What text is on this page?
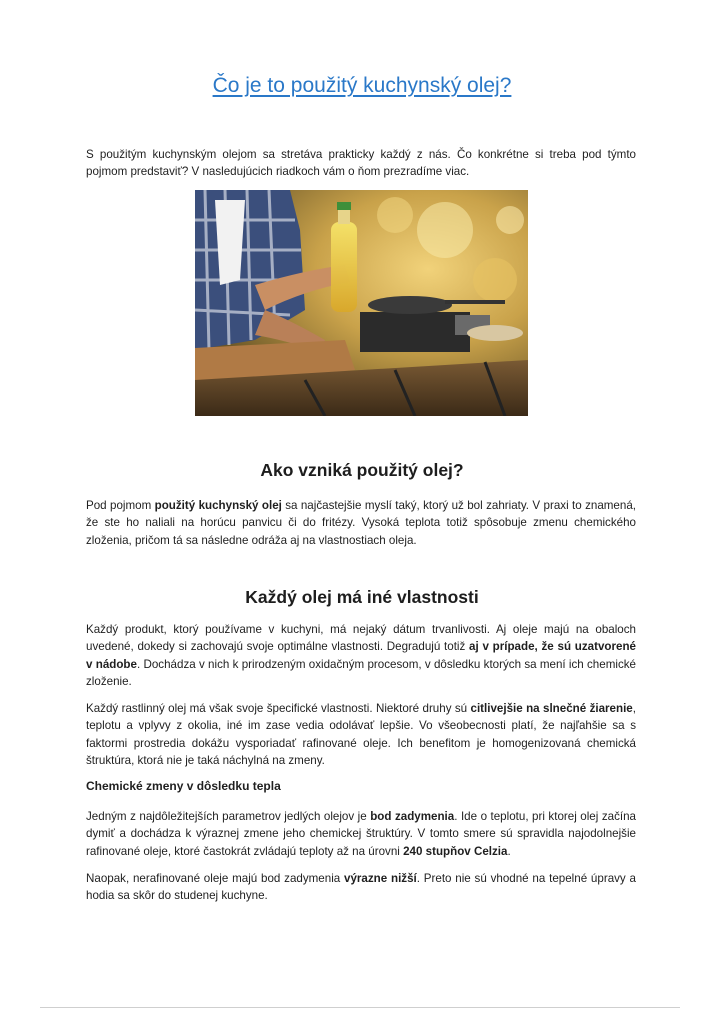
Čo je to použitý kuchynský olej?

S použitým kuchynským olejom sa stretáva prakticky každý z nás. Čo konkrétne si treba pod týmto pojmom predstaviť? V nasledujúcich riadkoch vám o ňom prezradíme viac.

Ako vzniká použitý olej?

Pod pojmom použitý kuchynský olej sa najčastejšie myslí taký, ktorý už bol zahriaty. V praxi to znamená, že ste ho naliali na horúcu panvicu či do fritézy. Vysoká teplota totiž spôsobuje zmenu chemického zloženia, pričom tá sa následne odráža aj na vlastnostiach oleja.

Každý olej má iné vlastnosti

Každý produkt, ktorý používame v kuchyni, má nejaký dátum trvanlivosti. Aj oleje majú na obaloch uvedené, dokedy si zachovajú svoje optimálne vlastnosti. Degradujú totiž aj v prípade, že sú uzatvorené v nádobe. Dochádza v nich k prirodzeným oxidačným procesom, v dôsledku ktorých sa mení ich chemické zloženie.

Každý rastlinný olej má však svoje špecifické vlastnosti. Niektoré druhy sú citlivejšie na slnečné žiarenie, teplotu a vplyvy z okolia, iné im zase vedia odolávať lepšie. Vo všeobecnosti platí, že najľahšie sa s faktormi prostredia dokážu vysporiadať rafinované oleje. Ich benefitom je homogenizovaná chemická štruktúra, ktorá nie je taká náchylná na zmeny.

Chemické zmeny v dôsledku tepla

Jedným z najdôležitejších parametrov jedlých olejov je bod zadymenia. Ide o teplotu, pri ktorej olej začína dymiť a dochádza k výraznej zmene jeho chemickej štruktúry. V tomto smere sú spravidla najodolnejšie rafinované oleje, ktoré častokrát zvládajú teploty až na úrovni 240 stupňov Celzia.

Naopak, nerafinované oleje majú bod zadymenia výrazne nižší. Preto nie sú vhodné na tepelné úpravy a hodia sa skôr do studenej kuchyne.
